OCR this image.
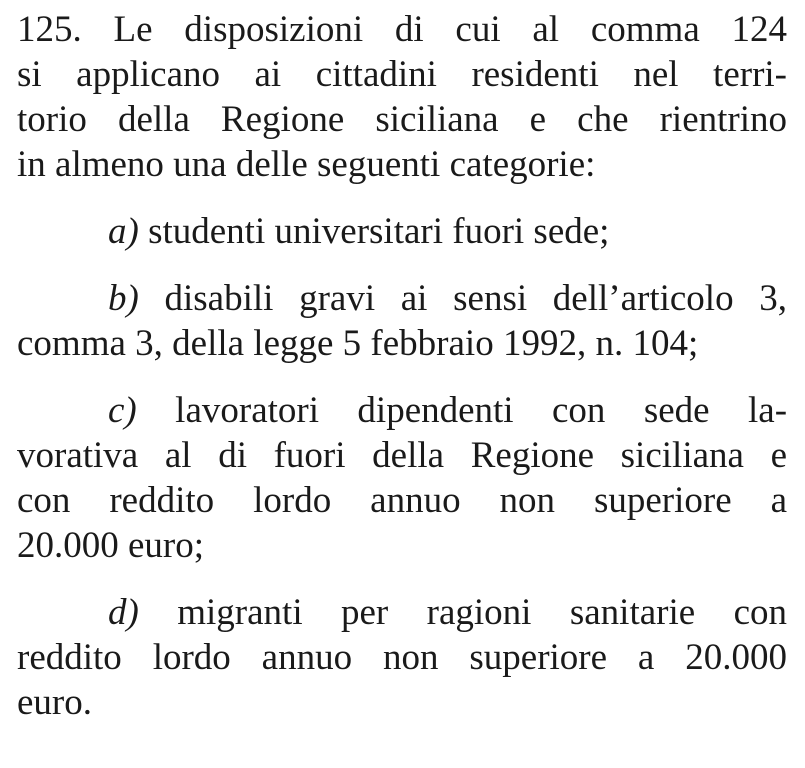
125. Le disposizioni di cui al comma 124
si applicano ai cittadini residenti nel terri-
torio della Regione siciliana e che rientrino
in almeno una delle seguenti categorie:
a) studenti universitari fuori sede;
b) disabili gravi ai sensi dell’articolo 3,
comma 3, della legge 5 febbraio 1992, n. 104;
c) lavoratori dipendenti con sede la-
vorativa al di fuori della Regione siciliana e
con reddito lordo annuo non superiore a
20.000 euro;
d) migranti per ragioni sanitarie con
reddito lordo annuo non superiore a 20.000
euro.
